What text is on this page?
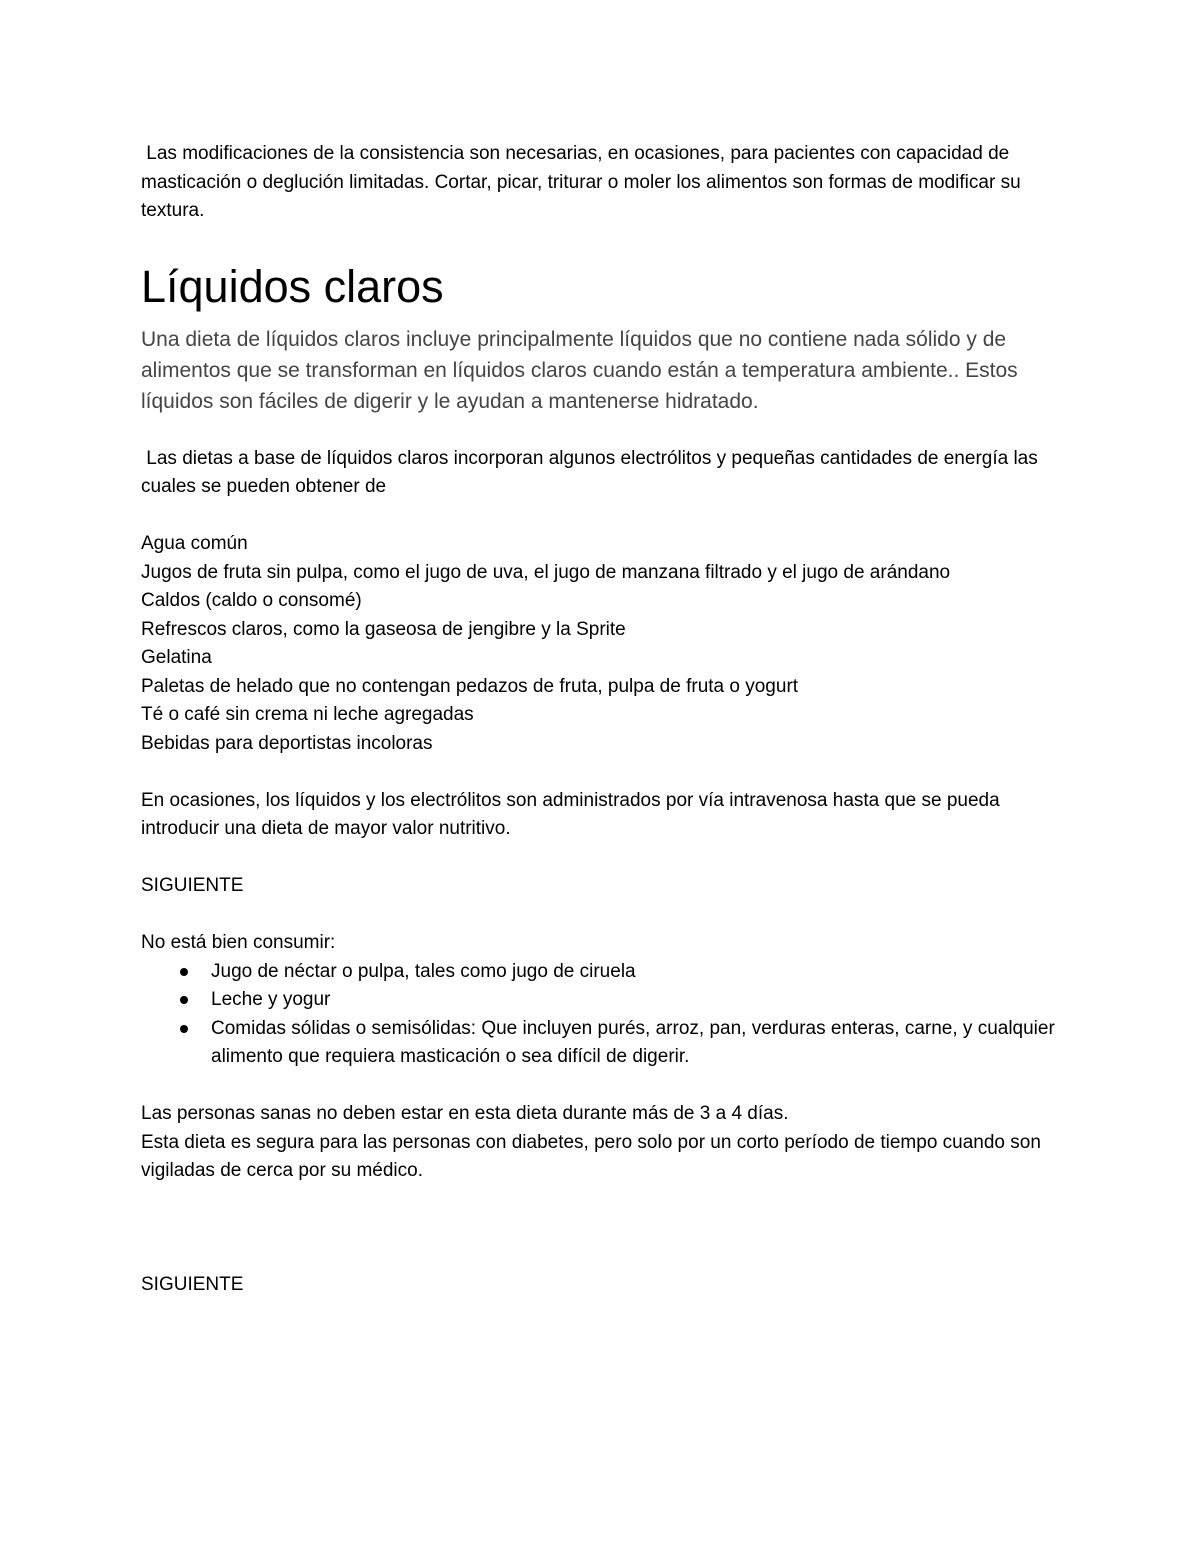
Las modificaciones de la consistencia son necesarias, en ocasiones, para pacientes con capacidad de masticación o deglución limitadas. Cortar, picar, triturar o moler los alimentos son formas de modificar su textura.

Líquidos claros

Una dieta de líquidos claros incluye principalmente líquidos que no contiene nada sólido y de alimentos que se transforman en líquidos claros cuando están a temperatura ambiente.. Estos líquidos son fáciles de digerir y le ayudan a mantenerse hidratado.

Las dietas a base de líquidos claros incorporan algunos electrólitos y pequeñas cantidades de energía las cuales se pueden obtener de

Agua común

Jugos de fruta sin pulpa, como el jugo de uva, el jugo de manzana filtrado y el jugo de arándano

Caldos (caldo o consomé)

Refrescos claros, como la gaseosa de jengibre y la Sprite

Gelatina

Paletas de helado que no contengan pedazos de fruta, pulpa de fruta o yogurt

Té o café sin crema ni leche agregadas

Bebidas para deportistas incoloras

En ocasiones, los líquidos y los electrólitos son administrados por vía intravenosa hasta que se pueda introducir una dieta de mayor valor nutritivo.

SIGUIENTE

No está bien consumir:

Jugo de néctar o pulpa, tales como jugo de ciruela
Leche y yogur
Comidas sólidas o semisólidas: Que incluyen purés, arroz, pan, verduras enteras, carne, y cualquier alimento que requiera masticación o sea difícil de digerir.

Las personas sanas no deben estar en esta dieta durante más de 3 a 4 días.

Esta dieta es segura para las personas con diabetes, pero solo por un corto período de tiempo cuando son vigiladas de cerca por su médico.

SIGUIENTE
